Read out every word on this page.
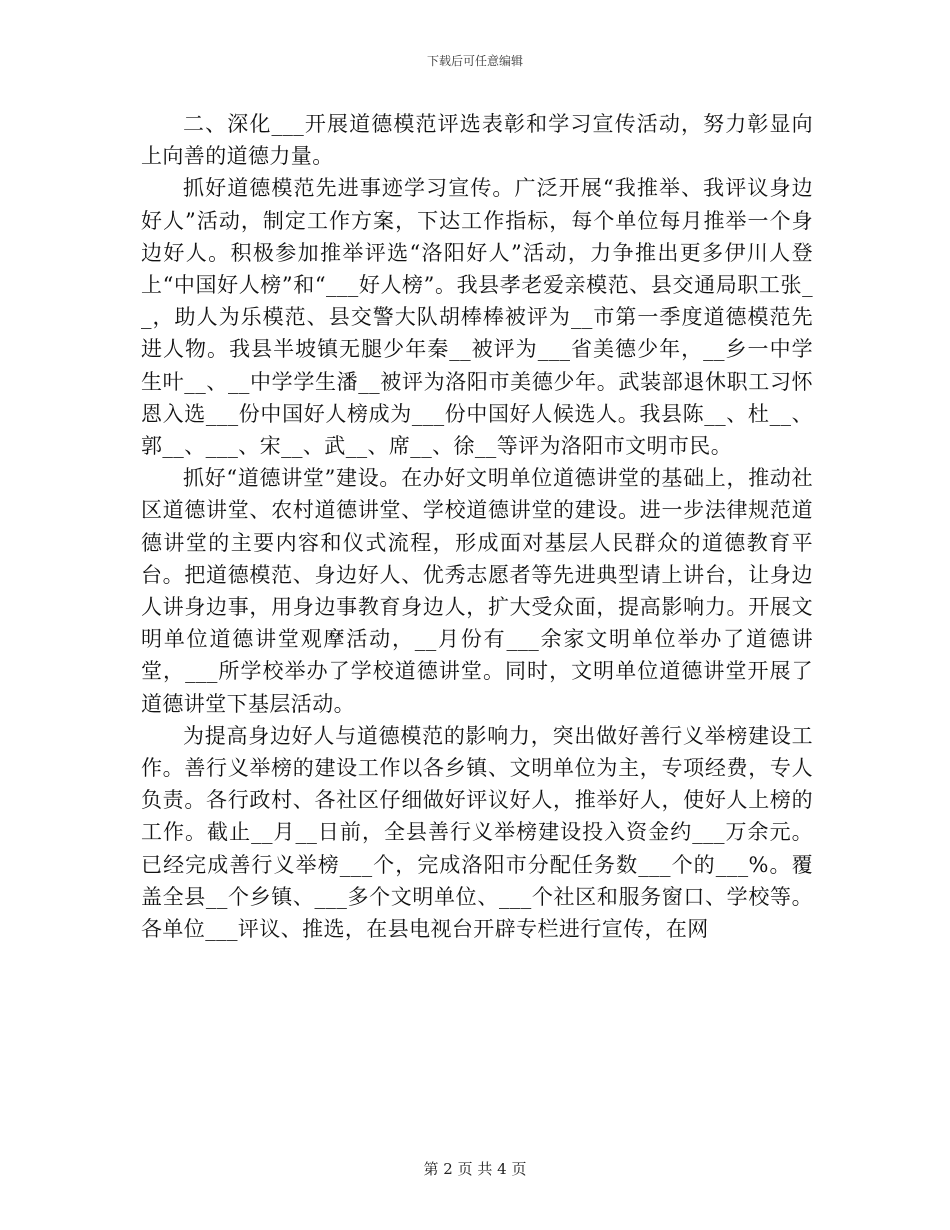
下载后可任意编辑

二、深化___开展道德模范评选表彰和学习宣传活动，努力彰显向上向善的道德力量。

抓好道德模范先进事迹学习宣传。广泛开展“我推举、我评议身边好人”活动，制定工作方案，下达工作指标，每个单位每月推举一个身边好人。积极参加推举评选“洛阳好人”活动，力争推出更多伊川人登上“中国好人榜”和“___好人榜”。我县孝老爱亲模范、县交通局职工张__，助人为乐模范、县交警大队胡棒棒被评为__市第一季度道德模范先进人物。我县半坡镇无腿少年秦__被评为___省美德少年，__乡一中学生叶__、__中学学生潘__被评为洛阳市美德少年。武装部退休职工习怀恩入选___份中国好人榜成为___份中国好人候选人。我县陈__、杜__、郭__、___、宋__、武__、席__、徐__等评为洛阳市文明市民。

抓好“道德讲堂”建设。在办好文明单位道德讲堂的基础上，推动社区道德讲堂、农村道德讲堂、学校道德讲堂的建设。进一步法律规范道德讲堂的主要内容和仪式流程，形成面对基层人民群众的道德教育平台。把道德模范、身边好人、优秀志愿者等先进典型请上讲台，让身边人讲身边事，用身边事教育身边人，扩大受众面，提高影响力。开展文明单位道德讲堂观摩活动，__月份有___余家文明单位举办了道德讲堂，___所学校举办了学校道德讲堂。同时，文明单位道德讲堂开展了道德讲堂下基层活动。

为提高身边好人与道德模范的影响力，突出做好善行义举榜建设工作。善行义举榜的建设工作以各乡镇、文明单位为主，专项经费，专人负责。各行政村、各社区仔细做好评议好人，推举好人，使好人上榜的工作。截止__月__日前，全县善行义举榜建设投入资金约___万余元。已经完成善行义举榜___个，完成洛阳市分配任务数___个的___%。覆盖全县__个乡镇、___多个文明单位、___个社区和服务窗口、学校等。各单位___评议、推选，在县电视台开辟专栏进行宣传，在网

第 2 页 共 4 页
